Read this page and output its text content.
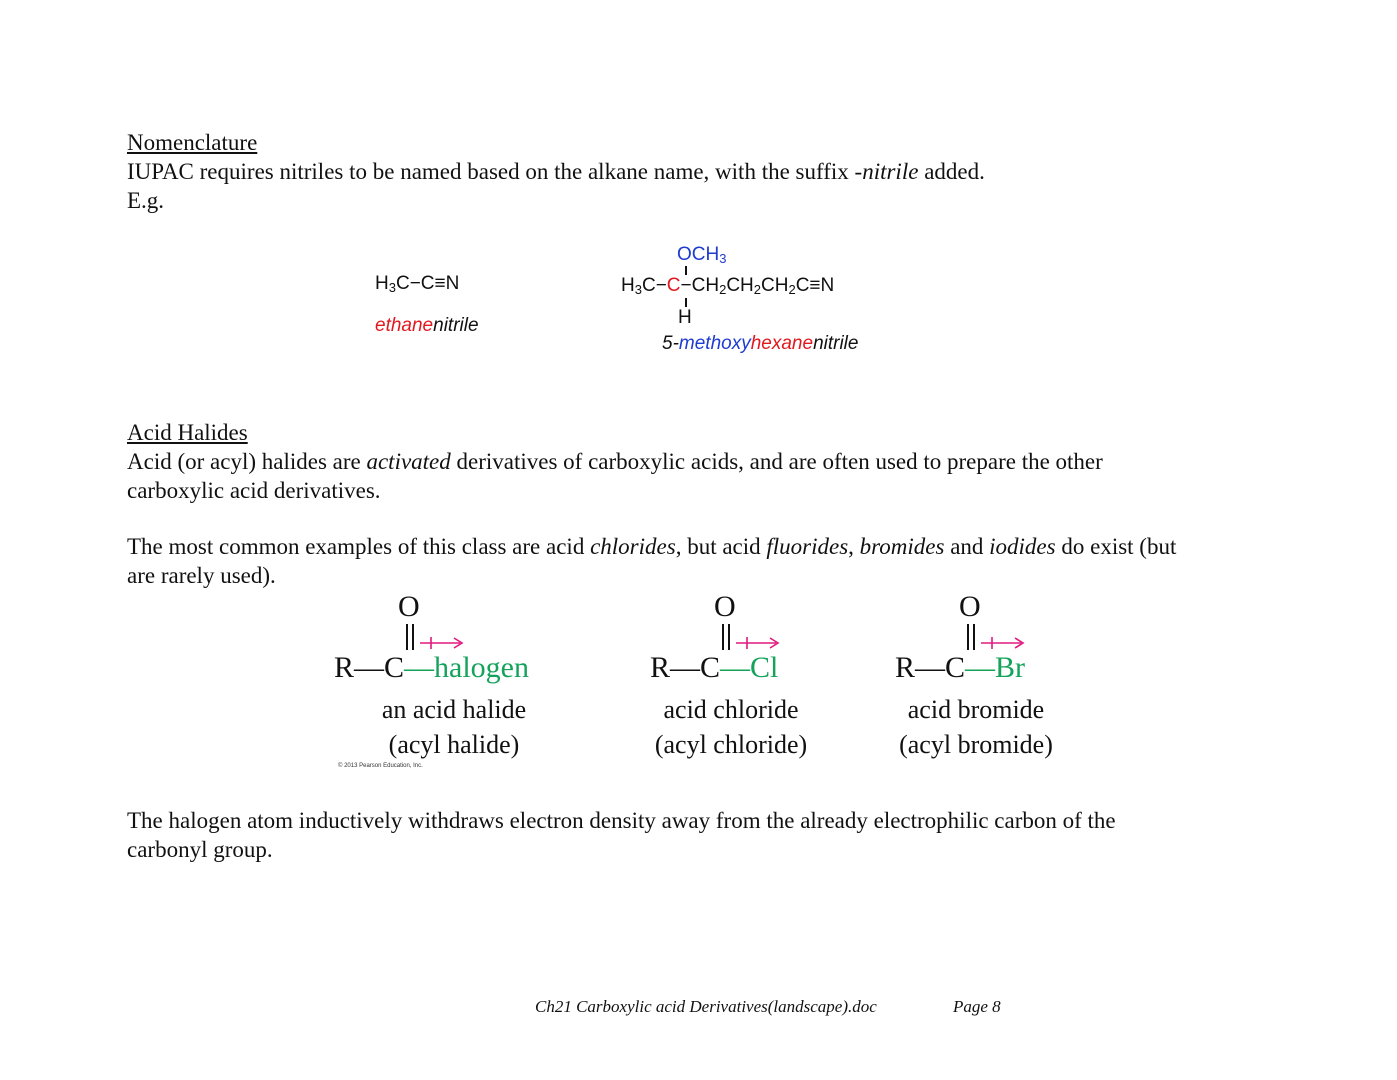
Nomenclature
IUPAC requires nitriles to be named based on the alkane name, with the suffix -nitrile added.
E.g.
$H_3C-C\equiv N$
ethanenitrile
$OCH_3$
$H_3C-C-CH_2CH_2CH_2C\equiv N$
H
5-methoxyhexanenitrile
Acid Halides
Acid (or acyl) halides are activated derivatives of carboxylic acids, and are often used to prepare the other
carboxylic acid derivatives.
The most common examples of this class are acid chlorides, but acid fluorides, bromides and iodides do exist (but
are rarely used).
O
R—C—halogen
an acid halide
(acyl halide)
© 2013 Pearson Education, Inc.
O
R—C—Cl
acid chloride
(acyl chloride)
O
R—C—Br
acid bromide
(acyl bromide)
The halogen atom inductively withdraws electron density away from the already electrophilic carbon of the
carbonyl group.
Ch21 Carboxylic acid Derivatives(landscape).doc	Page 8
